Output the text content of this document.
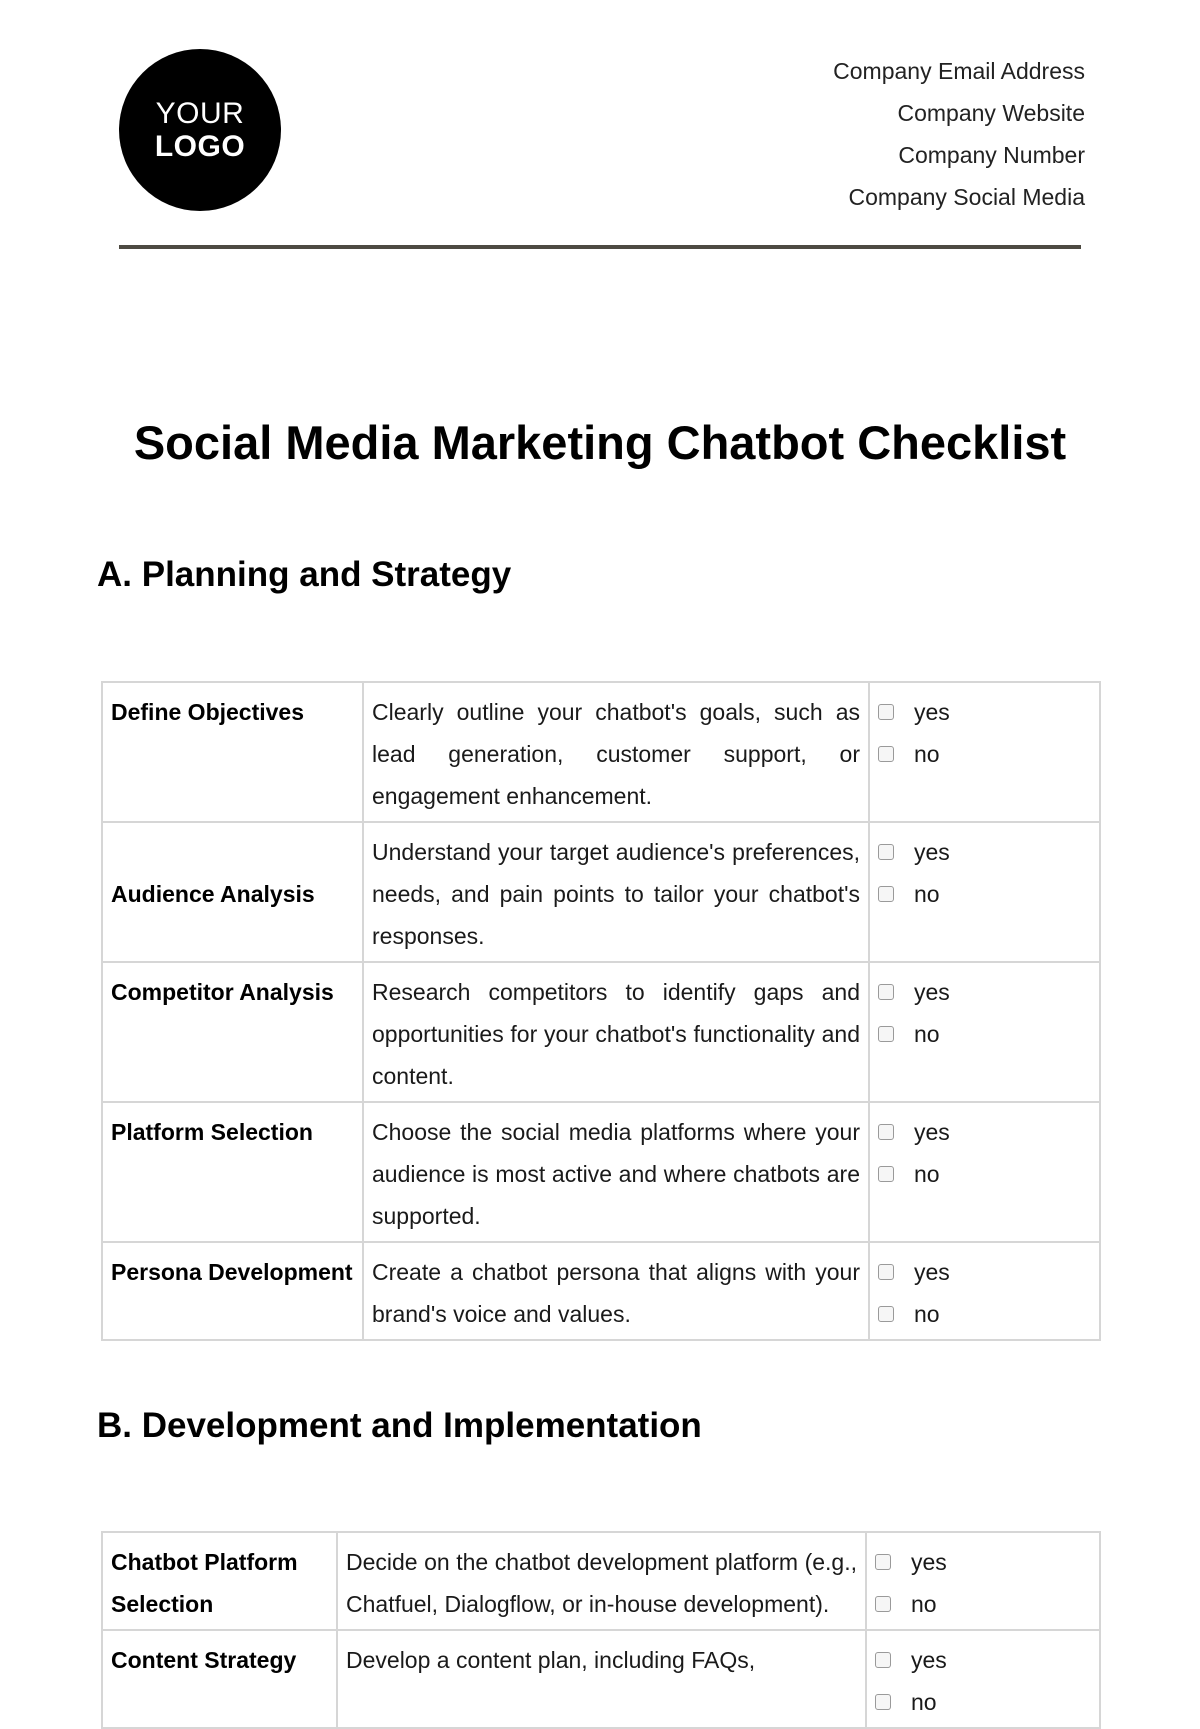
YOUR
LOGO
Company Email Address
Company Website
Company Number
Company Social Media
Social Media Marketing Chatbot Checklist
A. Planning and Strategy
Define Objectives	Clearly outline your chatbot's goals, such as lead generation, customer support, or engagement enhancement.	yes
no

Audience Analysis	Understand your target audience's preferences, needs, and pain points to tailor your chatbot's responses.	yes
no

Competitor Analysis	Research competitors to identify gaps and opportunities for your chatbot's functionality and content.	yes
no

Platform Selection	Choose the social media platforms where your audience is most active and where chatbots are supported.	yes
no

Persona Development	Create a chatbot persona that aligns with your brand's voice and values.	yes
no
B. Development and Implementation
Chatbot Platform Selection	Decide on the chatbot development platform (e.g., Chatfuel, Dialogflow, or in-house development).	yes
no

Content Strategy	Develop a content plan, including FAQs,	yes
no
